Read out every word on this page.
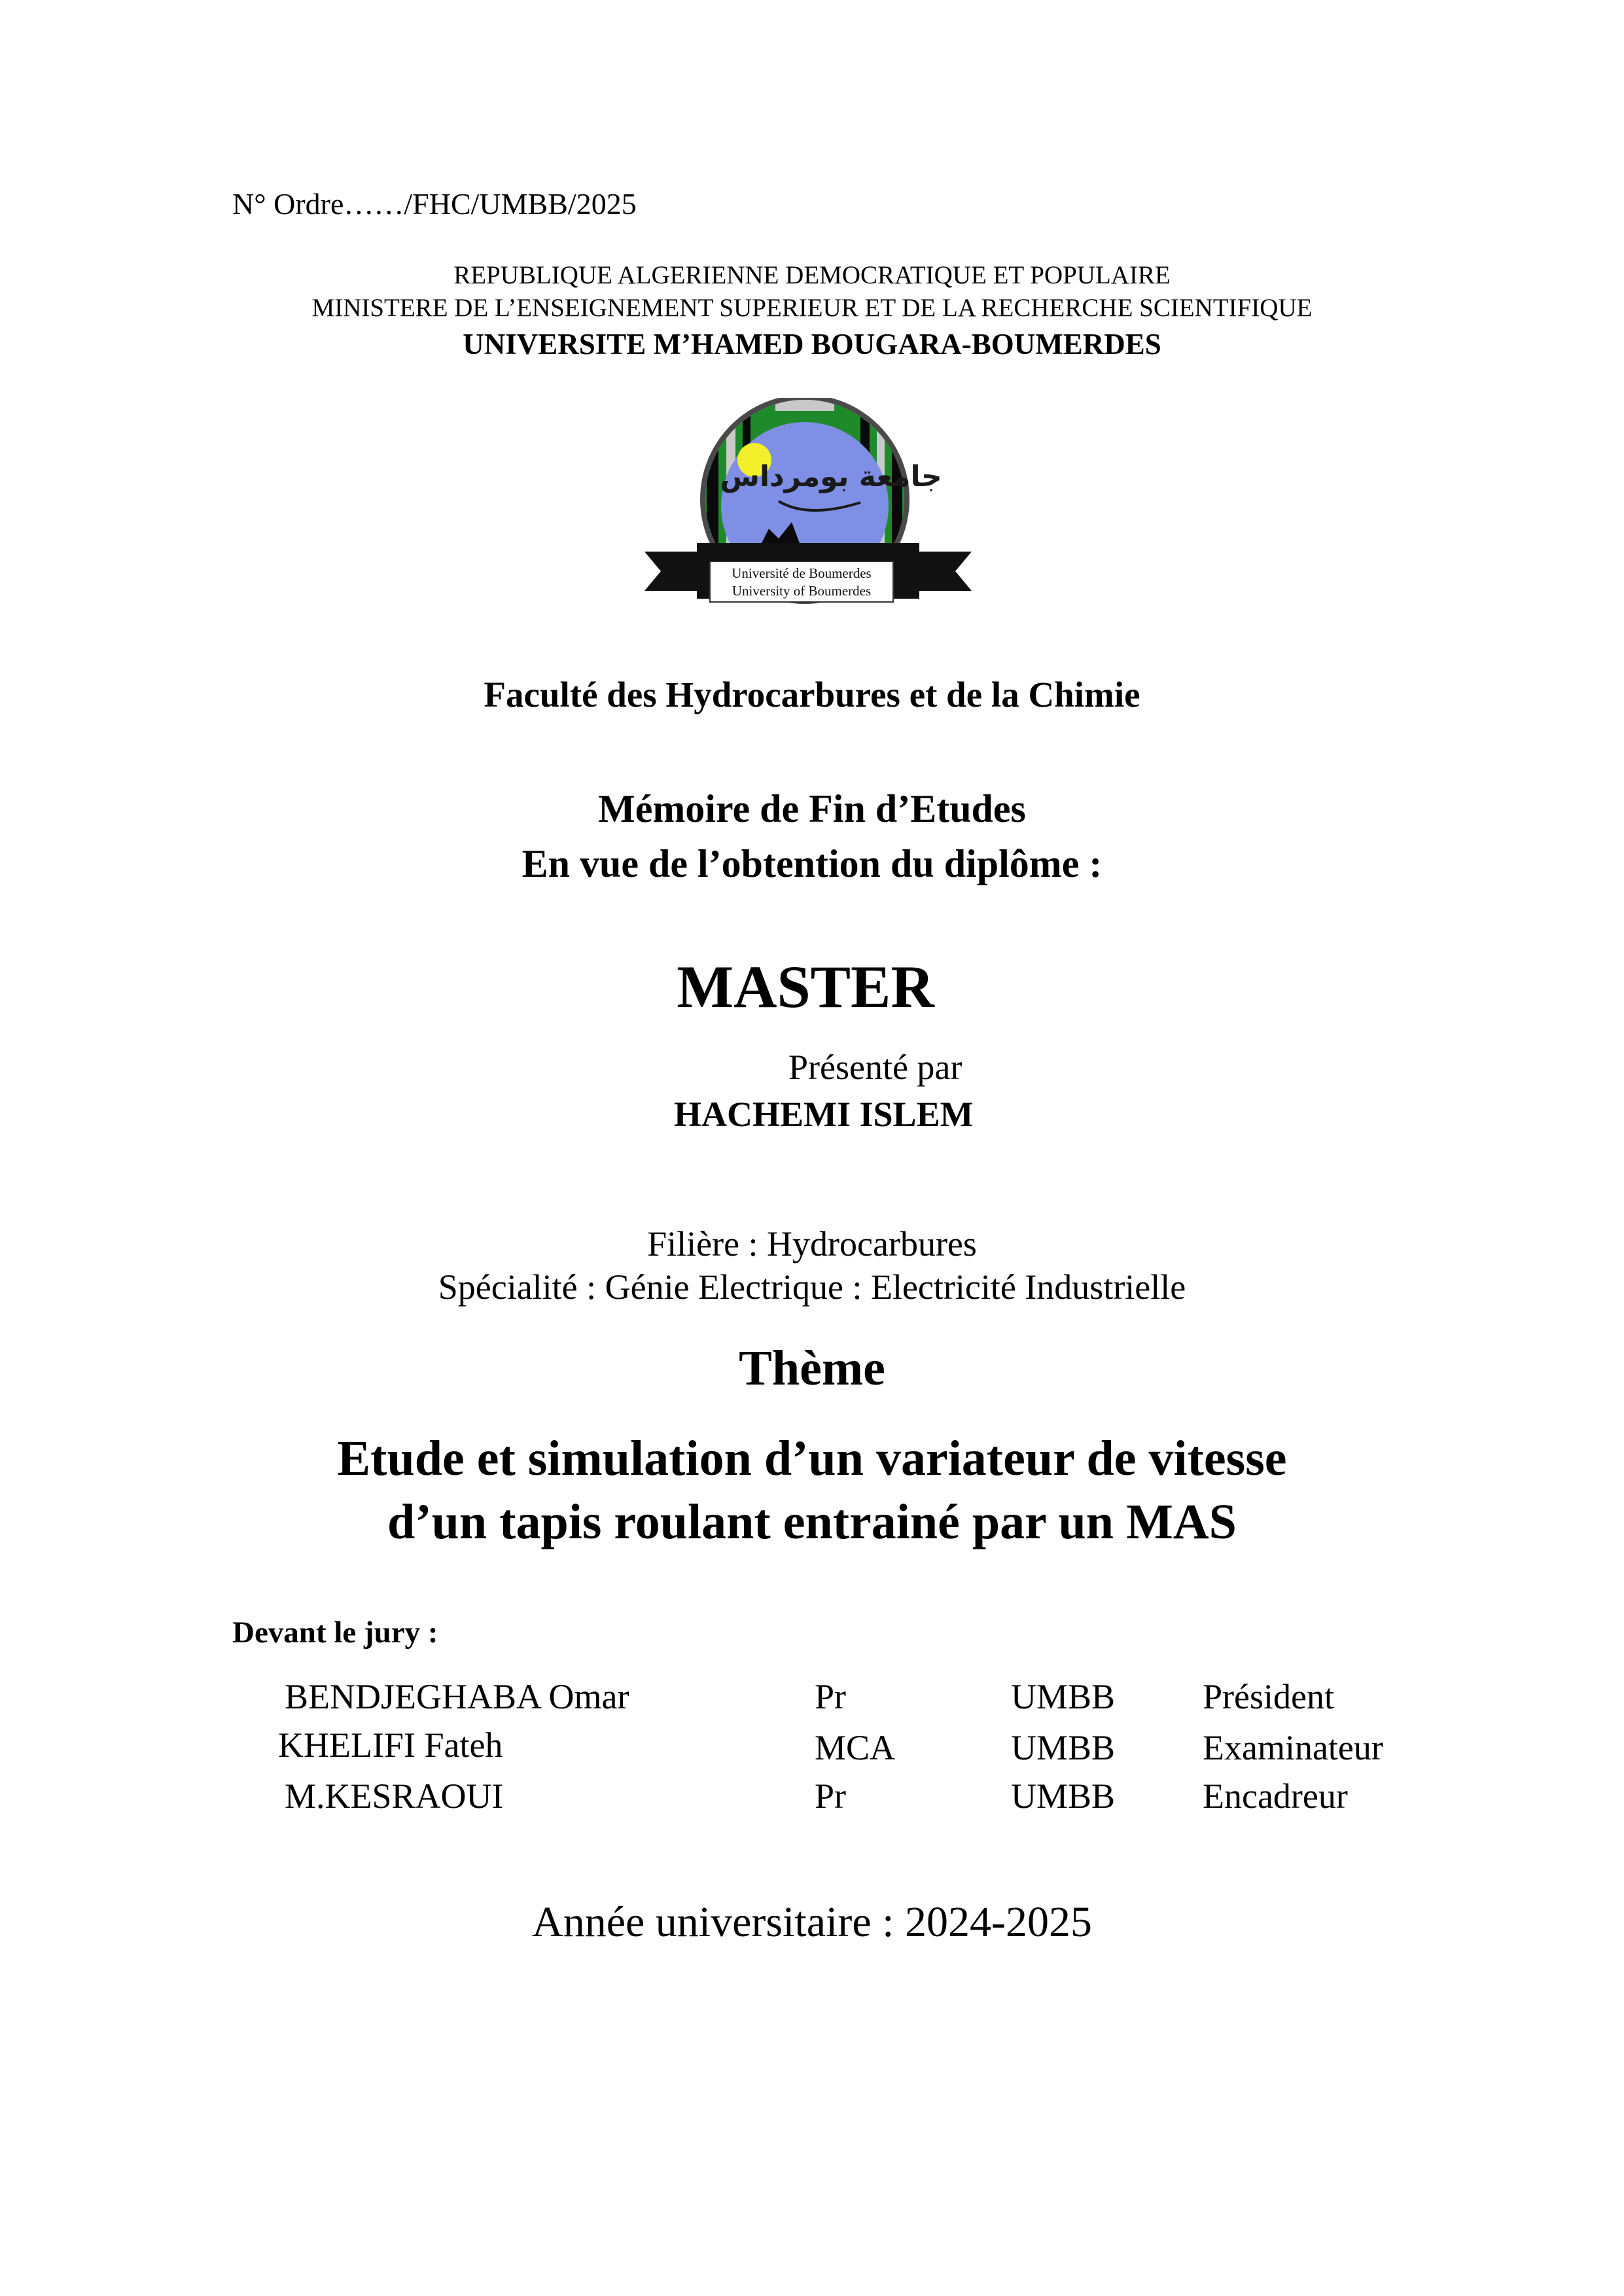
N° Ordre……/FHC/UMBB/2025
REPUBLIQUE ALGERIENNE DEMOCRATIQUE ET POPULAIRE
MINISTERE DE L’ENSEIGNEMENT SUPERIEUR ET DE LA RECHERCHE SCIENTIFIQUE
UNIVERSITE M’HAMED BOUGARA-BOUMERDES
جامعة بومرداس
Université de Boumerdes
University of Boumerdes
Faculté des Hydrocarbures et de la Chimie
Mémoire de Fin d’Etudes
En vue de l’obtention du diplôme :
MASTER
Présenté par
HACHEMI ISLEM
Filière : Hydrocarbures
Spécialité : Génie Electrique : Electricité Industrielle
Thème
Etude et simulation d’un variateur de vitesse
d’un tapis roulant entrainé par un MAS
Devant le jury :
BENDJEGHABA Omar	Pr	UMBB Président
KHELIFI Fateh	MCA	UMBB Examinateur
M.KESRAOUI	Pr	UMBB Encadreur
Année universitaire : 2024-2025
